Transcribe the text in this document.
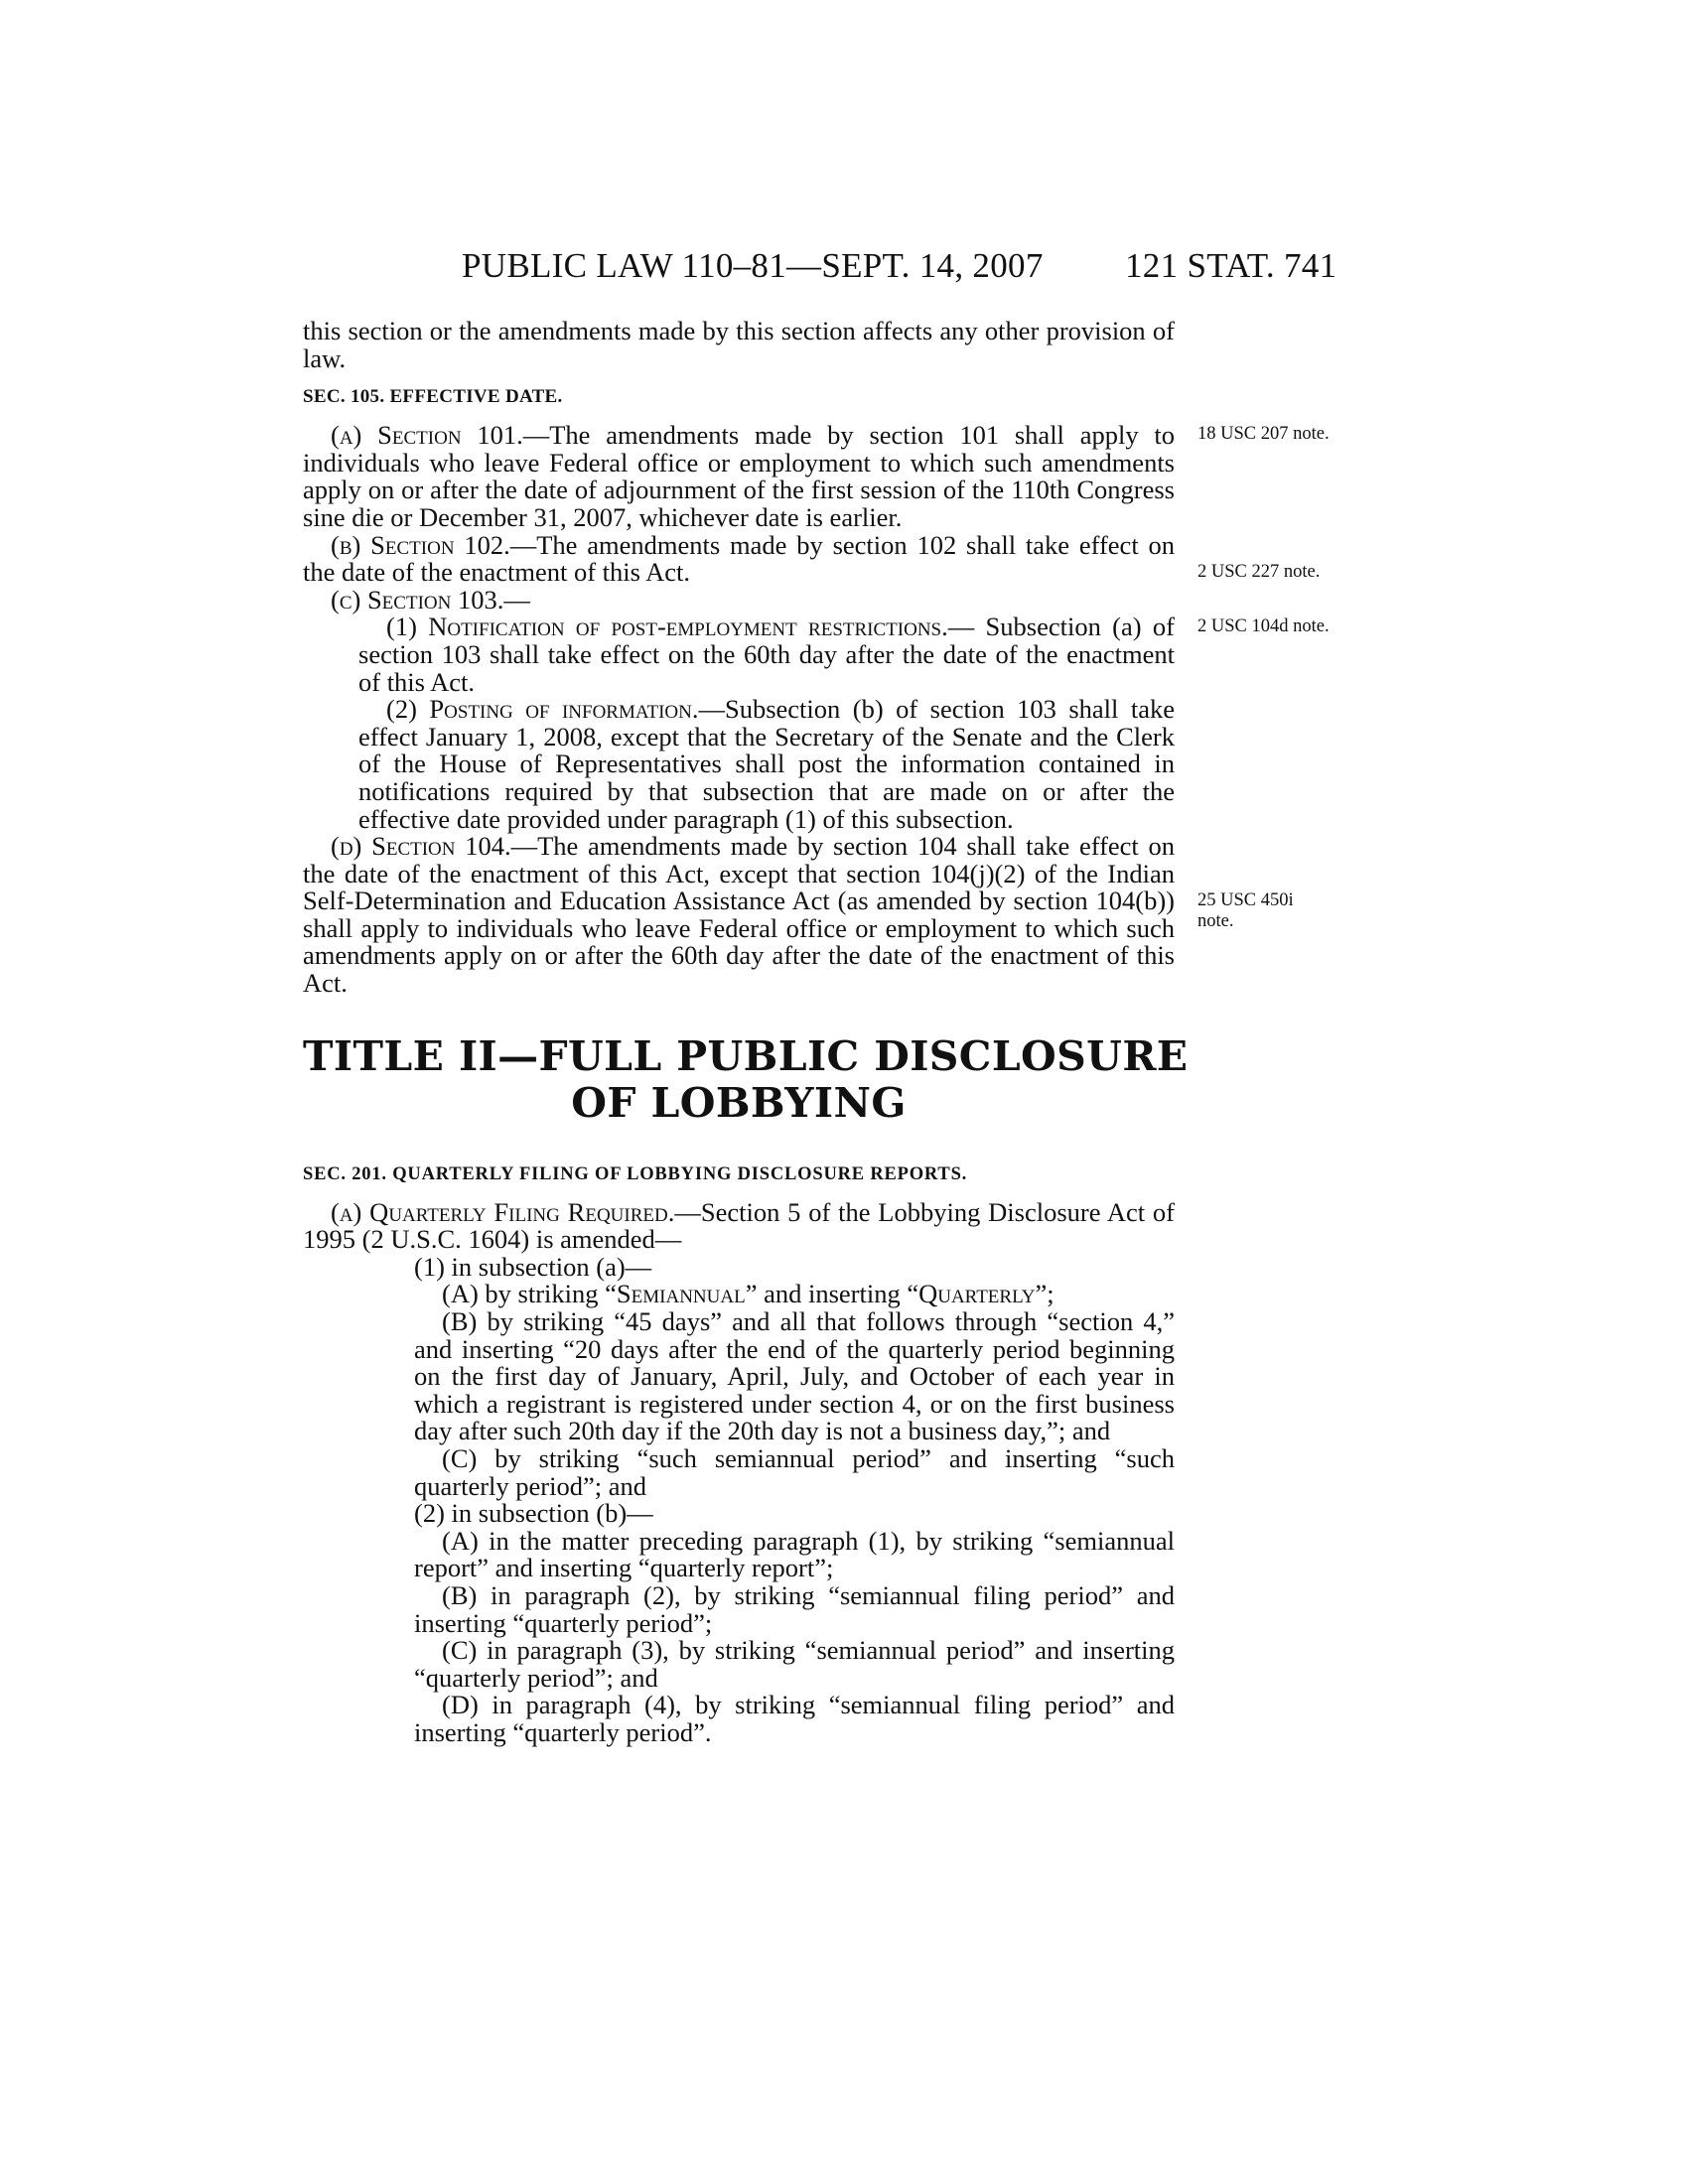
PUBLIC LAW 110–81—SEPT. 14, 2007 121 STAT. 741
18 USC 207 note.
2 USC 227 note.
2 USC 104d note.
25 USC 450i
note.

this section or the amendments made by this section affects any other provision of law.

SEC. 105. EFFECTIVE DATE.

(a) Section 101.—The amendments made by section 101 shall apply to individuals who leave Federal office or employment to which such amendments apply on or after the date of adjournment of the first session of the 110th Congress sine die or December 31, 2007, whichever date is earlier.

(b) Section 102.—The amendments made by section 102 shall take effect on the date of the enactment of this Act.

(c) Section 103.—

(1) Notification of post-employment restrictions.— Subsection (a) of section 103 shall take effect on the 60th day after the date of the enactment of this Act.

(2) Posting of information.—Subsection (b) of section 103 shall take effect January 1, 2008, except that the Secretary of the Senate and the Clerk of the House of Representatives shall post the information contained in notifications required by that subsection that are made on or after the effective date provided under paragraph (1) of this subsection.

(d) Section 104.—The amendments made by section 104 shall take effect on the date of the enactment of this Act, except that section 104(j)(2) of the Indian Self-Determination and Education Assistance Act (as amended by section 104(b)) shall apply to individuals who leave Federal office or employment to which such amendments apply on or after the 60th day after the date of the enactment of this Act.

TITLE II—FULL PUBLIC DISCLOSURE
OF LOBBYING
SEC. 201. QUARTERLY FILING OF LOBBYING DISCLOSURE REPORTS.

(a) Quarterly Filing Required.—Section 5 of the Lobbying Disclosure Act of 1995 (2 U.S.C. 1604) is amended—

(1) in subsection (a)—

(A) by striking “Semiannual” and inserting “Quarterly”;

(B) by striking “45 days” and all that follows through “section 4,” and inserting “20 days after the end of the quarterly period beginning on the first day of January, April, July, and October of each year in which a registrant is registered under section 4, or on the first business day after such 20th day if the 20th day is not a business day,”; and

(C) by striking “such semiannual period” and inserting “such quarterly period”; and

(2) in subsection (b)—

(A) in the matter preceding paragraph (1), by striking “semiannual report” and inserting “quarterly report”;

(B) in paragraph (2), by striking “semiannual filing period” and inserting “quarterly period”;

(C) in paragraph (3), by striking “semiannual period” and inserting “quarterly period”; and

(D) in paragraph (4), by striking “semiannual filing period” and inserting “quarterly period”.
